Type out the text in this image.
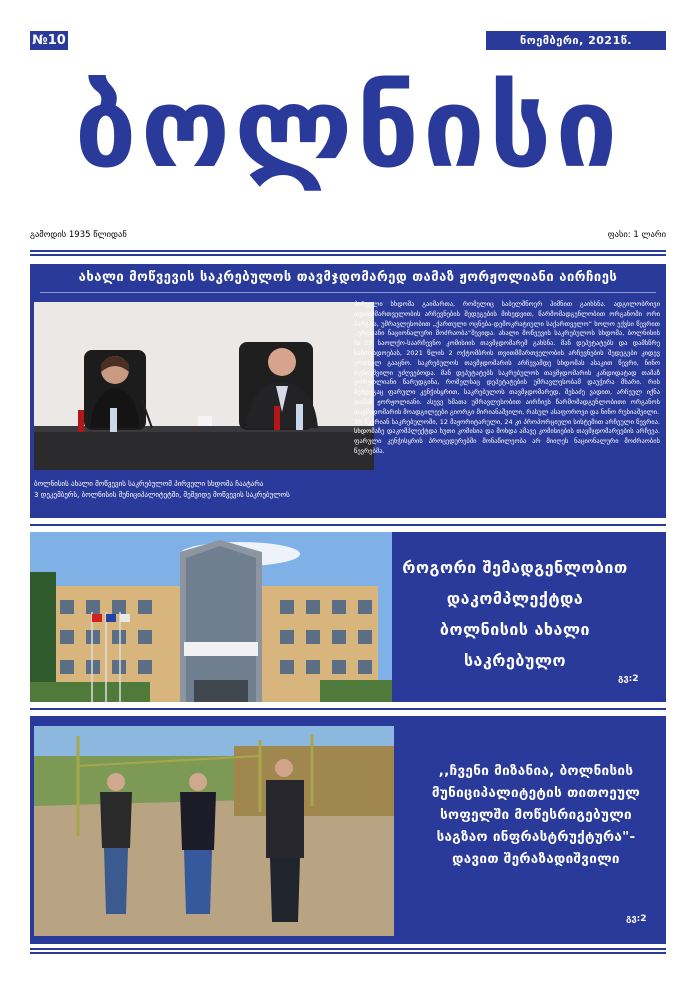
№10	ნოემბერი, 2021წ.
ბოლნისი
გამოდის 1935 წლიდან	ფასი: 1 ლარი
ახალი მოწვევის საკრებულოს თავმჯდომარედ თამაზ ჟორჟოლიანი აირჩიეს
ბოლნისის ახალი მოწვევის საკრებულომ პირველი სხდომა ჩაატარა
3 დეკემბერს, ბოლნისის მუნიციპალიტეტში, მეშვიდე მოწვევის საკრებულოს
პირველი სხდომა გაიმართა, რომელიც საბელშნოერ ჰიმნით გაიხსნა. ადგილობრივი თვითმმართველობის არჩევნების შედეგების მიხედვით, წარმომადგენლობით ორგანოში ორი პარტია, უმრავლესობით „ქართული ოცნება-დემოკრატიული საქართველო“ ხოლო ექვსი წევრით „ერთიანი ნაციონალური მოძრაობა“შევიდა. ახალი მოწვევის საკრებულოს სხდომა, ბოლნისის №23 საოლქო-საარჩევნო კომისიის თავმჯდომარემ გახსნა. მან დეპუტატებს და დამსწრე საზოგადოებას, 2021 წლის 2 ოქტომბრის თვითმმართველობის არჩევნების შედეგები კიდევ ერთხელ გააცნო. საკრებულოს თავმჯდომარის არჩევამდე სხდომას ასაკით წევრი, ნინო რუსიაშვილი უძღვებოდა. მან დეპუტატებს საკრებულოს თავმჯდომარის კანდიდატად თამაზ ჟორჟოლიანი წარუდგინა, რომელსაც დეპუტატების უმრავლესობამ დაუჭირა მხარი. რის შემდეგაც ფარული კენჭისყრით, საკრებულოს თავმჯდომარედ, შესაძე ვადით, არჩეულ იქნა თამაზ ჟორჟოლიანი. ასევე ხმათა უმრავლესობით აირჩიეს წარმომადგენლობითი ორგანოს თავმჯდომარის მოადგილეები გიორგი მირიანაშვილი, რასულ ასაფოროვი და ნინო რუსიაშვილი.
38 წევრიან საკრებულოში, 12 მაჟორიტარული, 24 კი პროპორციული სისტემით არჩეული წევრია. სხდომაზე დაკომპლექტდა ხუთი კომისია და მოხდა ამავე კომისიების თავმჯდომარეების არჩევა. ფარული კენჭისყრის პროცედურებში მონაწილეობა არ მიიღეს ნაციონალური მოძრაობის წევრებმა.
როგორი შემადგენლობით დაკომპლექტდა ბოლნისის ახალი საკრებულო
გვ:2
,,ჩვენი მიზანია, ბოლნისის მუნიციპალიტეტის თითოეულ სოფელში მოწესრიგებული საგზაო ინფრასტრუქტურა"-დავით შერაზადიშვილი
გვ:2
